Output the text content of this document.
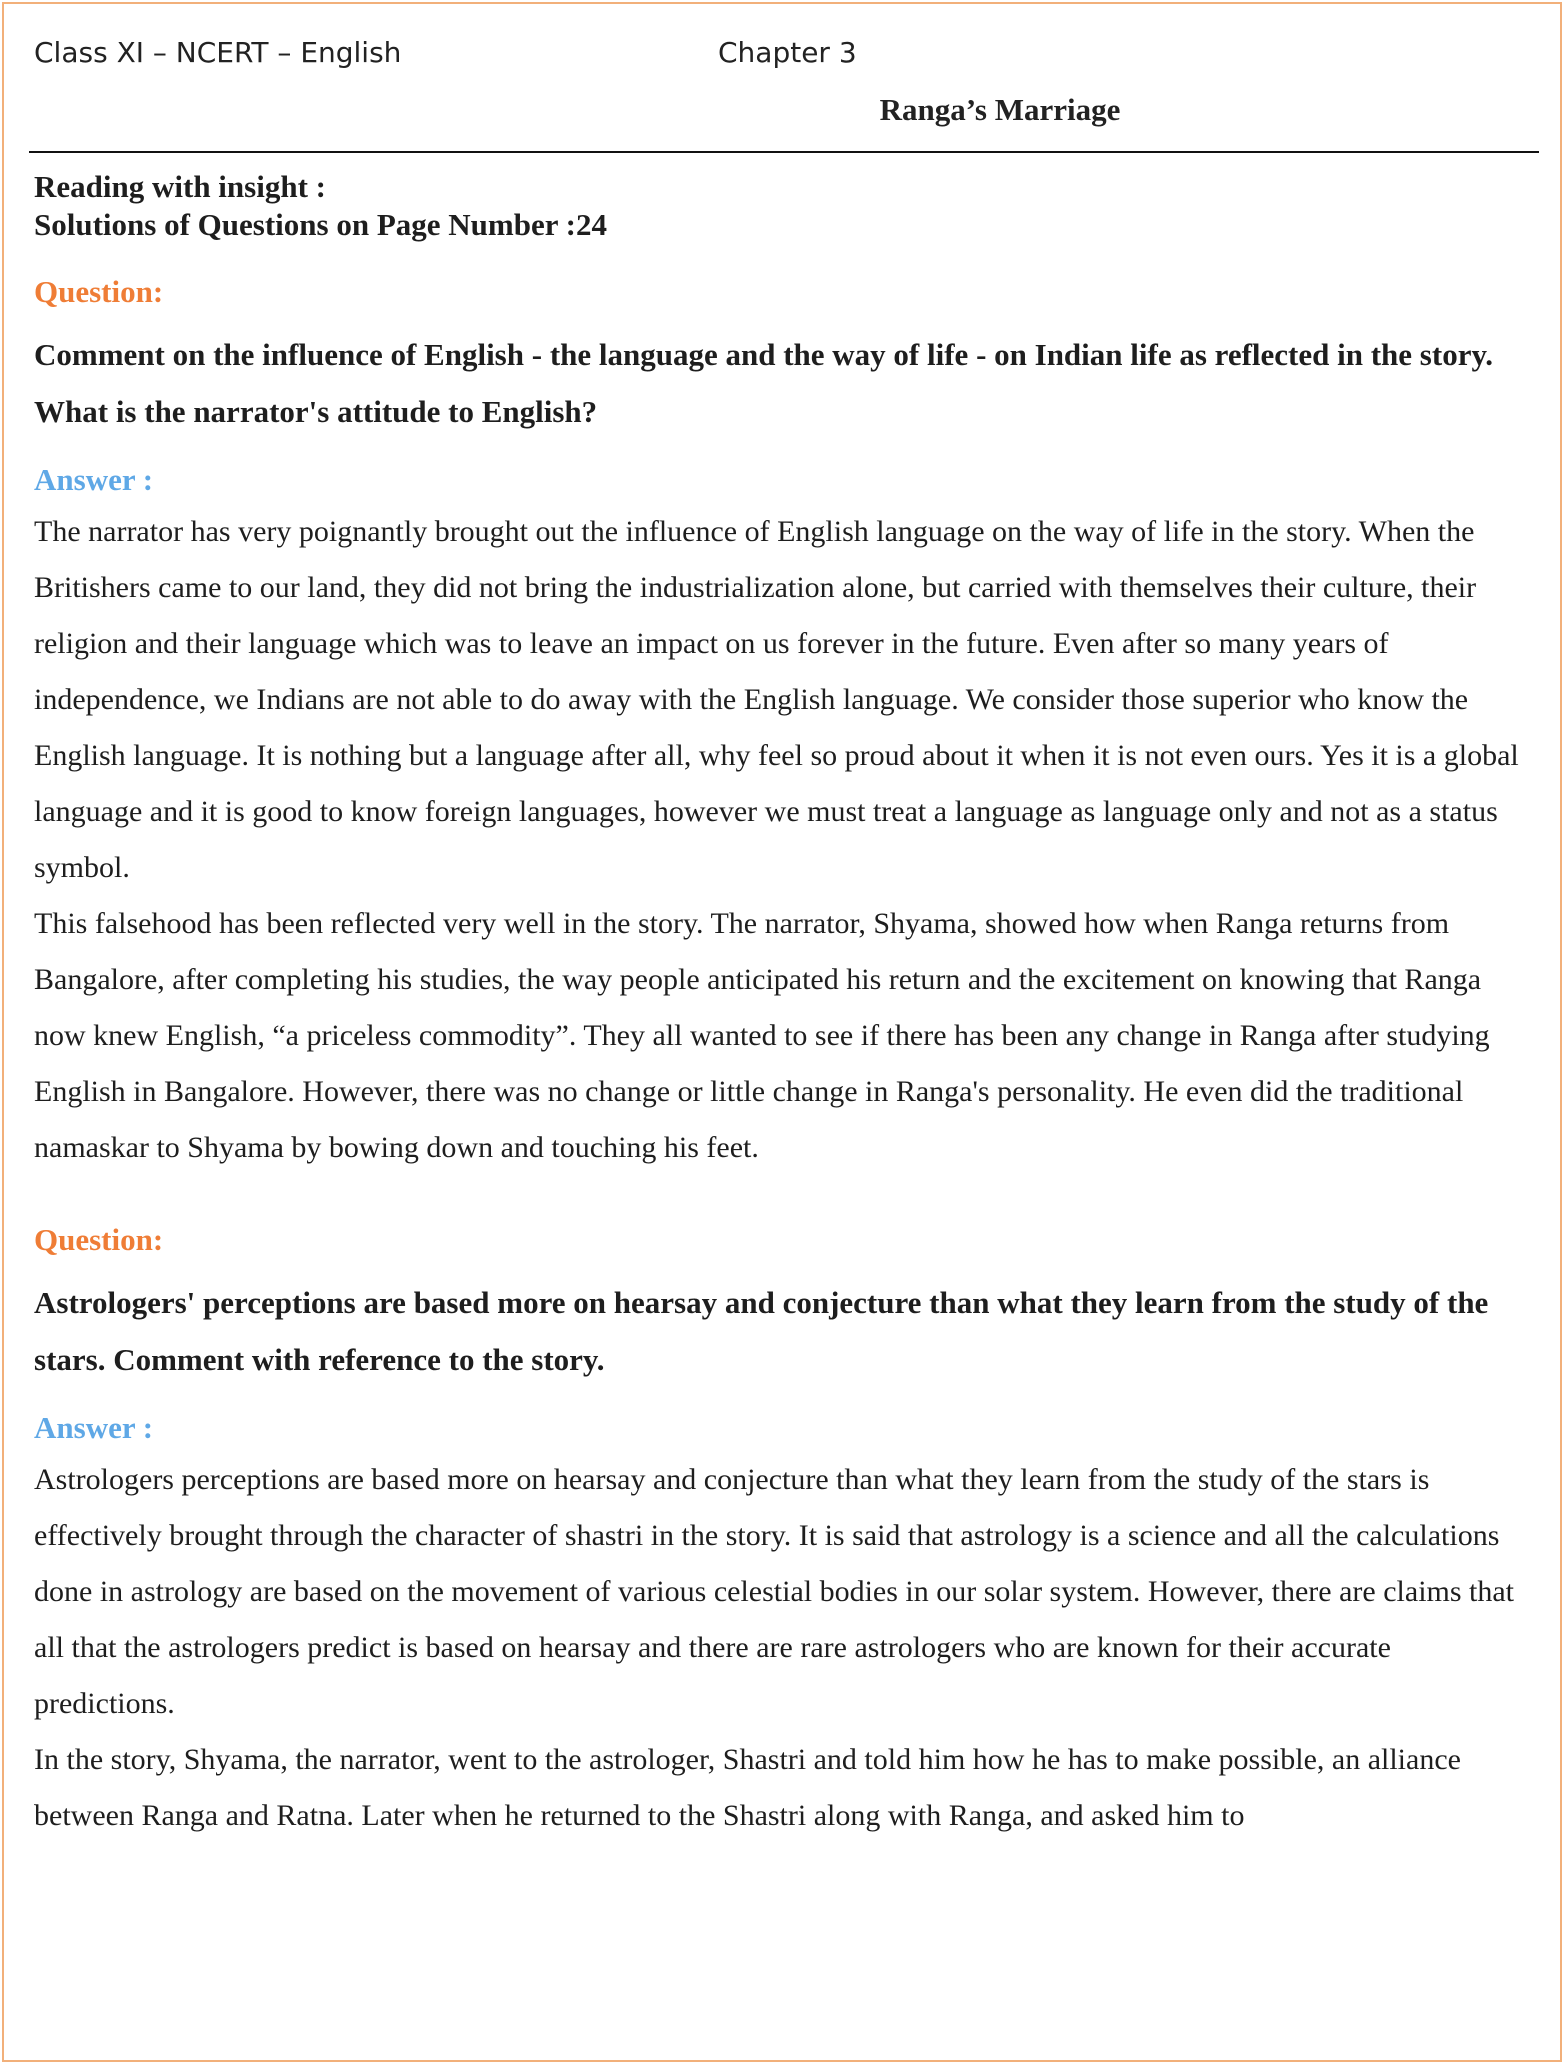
Class XI – NCERT – English	Chapter 3
Ranga’s Marriage

Reading with insight :

Solutions of Questions on Page Number :24

Question:

Comment on the influence of English - the language and the way of life - on Indian life as reflected in the story. What is the narrator's attitude to English?

Answer :

The narrator has very poignantly brought out the influence of English language on the way of life in the story. When the Britishers came to our land, they did not bring the industrialization alone, but carried with themselves their culture, their religion and their language which was to leave an impact on us forever in the future. Even after so many years of independence, we Indians are not able to do away with the English language. We consider those superior who know the English language. It is nothing but a language after all, why feel so proud about it when it is not even ours. Yes it is a global language and it is good to know foreign languages, however we must treat a language as language only and not as a status symbol.

This falsehood has been reflected very well in the story. The narrator, Shyama, showed how when Ranga returns from Bangalore, after completing his studies, the way people anticipated his return and the excitement on knowing that Ranga now knew English, “a priceless commodity”. They all wanted to see if there has been any change in Ranga after studying English in Bangalore. However, there was no change or little change in Ranga's personality. He even did the traditional namaskar to Shyama by bowing down and touching his feet.

Question:

Astrologers' perceptions are based more on hearsay and conjecture than what they learn from the study of the stars. Comment with reference to the story.

Answer :

Astrologers perceptions are based more on hearsay and conjecture than what they learn from the study of the stars is effectively brought through the character of shastri in the story. It is said that astrology is a science and all the calculations done in astrology are based on the movement of various celestial bodies in our solar system. However, there are claims that all that the astrologers predict is based on hearsay and there are rare astrologers who are known for their accurate predictions.

In the story, Shyama, the narrator, went to the astrologer, Shastri and told him how he has to make possible, an alliance between Ranga and Ratna. Later when he returned to the Shastri along with Ranga, and asked him to
